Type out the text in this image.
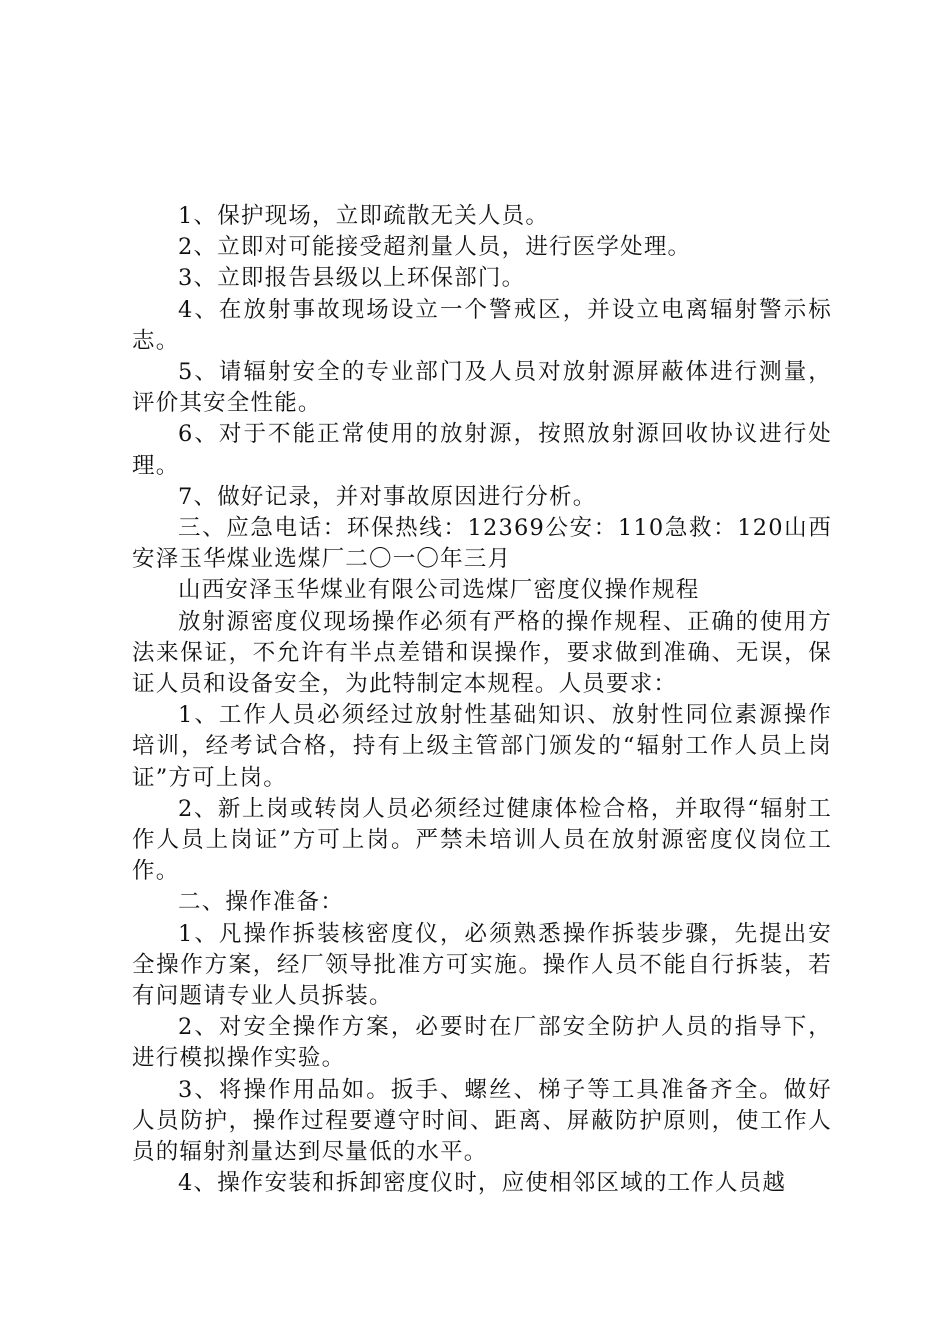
1、保护现场，立即疏散无关人员。

2、立即对可能接受超剂量人员，进行医学处理。

3、立即报告县级以上环保部门。

4、在放射事故现场设立一个警戒区，并设立电离辐射警示标志。

5、请辐射安全的专业部门及人员对放射源屏蔽体进行测量，评价其安全性能。

6、对于不能正常使用的放射源，按照放射源回收协议进行处理。

7、做好记录，并对事故原因进行分析。

三、应急电话：环保热线：12369公安：110急救：120山西安泽玉华煤业选煤厂二〇一〇年三月

山西安泽玉华煤业有限公司选煤厂密度仪操作规程

放射源密度仪现场操作必须有严格的操作规程、正确的使用方法来保证，不允许有半点差错和误操作，要求做到准确、无误，保证人员和设备安全，为此特制定本规程。人员要求：

1、工作人员必须经过放射性基础知识、放射性同位素源操作培训，经考试合格，持有上级主管部门颁发的“辐射工作人员上岗证”方可上岗。

2、新上岗或转岗人员必须经过健康体检合格，并取得“辐射工作人员上岗证”方可上岗。严禁未培训人员在放射源密度仪岗位工作。

二、操作准备：

1、凡操作拆装核密度仪，必须熟悉操作拆装步骤，先提出安全操作方案，经厂领导批准方可实施。操作人员不能自行拆装，若有问题请专业人员拆装。

2、对安全操作方案，必要时在厂部安全防护人员的指导下，进行模拟操作实验。

3、将操作用品如。扳手、螺丝、梯子等工具准备齐全。做好人员防护，操作过程要遵守时间、距离、屏蔽防护原则，使工作人员的辐射剂量达到尽量低的水平。

4、操作安装和拆卸密度仪时，应使相邻区域的工作人员越
